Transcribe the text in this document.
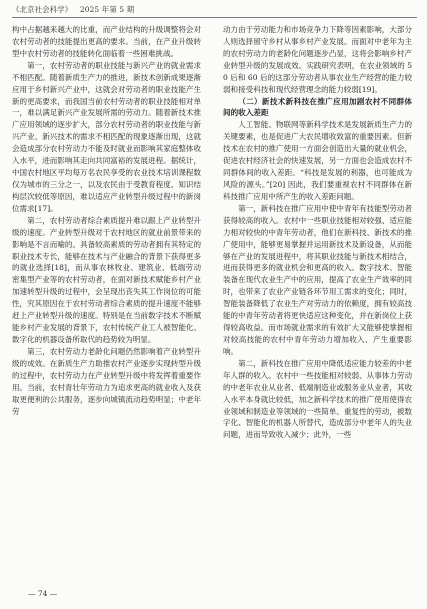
《北京社会科学》  2025 年第 5 期

构中占据越来越大的比重，而产业结构的升级调整将会对农村劳动者的技能提出更高的要求。当前，在产业升级转型中农村劳动者的技能转化面临着一些困难挑战。

第一，农村劳动者的职业技能与新兴产业的就业需求不相匹配。随着新质生产力的推进，新技术创新成果逐渐应用于乡村新兴产业中，这就会对劳动者的职业技能产生新的更高要求，而我国当前农村劳动者的职业技能相对单一，难以满足新兴产业发展所需的劳动力。随着新技术推广应用领域的逐步扩大，部分农村劳动者的职业技能与新兴产业、新兴技术的需求不相匹配的现象逐渐出现，这就会造成部分农村劳动力不能及时就业而影响其家庭整体收入水平，进而影响其走向共同富裕的发展进程。据统计，中国农村地区平均每万名农民享受的农业技术培训课程数仅为城市的三分之一，以及农民由于受教育程度、知识结构层次较低等原因，难以适应产业转型升级过程中的新岗位需求[17]。

第二，农村劳动者综合素质提升难以跟上产业转型升级的速度。产业转型升级对于农村地区的就业前景带来的影响是不言而喻的。具备较高素质的劳动者拥有其特定的职业技术专长，能够在技术与产业融合的背景下获得更多的就业选择[18]，而从事农林牧业、建筑业、低端劳动密集型产业等的农村劳动者，在面对新技术赋能乡村产业加速转型升级的过程中，会呈现出丧失其工作岗位的可能性，究其原因在于农村劳动者综合素质的提升速度不能够赶上产业转型升级的速度。特别是在当前数字技术不断赋能乡村产业发展的背景下，农村传统产业工人被智能化、数字化的机器设备所取代的趋势较为明显。

第三，农村劳动力老龄化问题仍然影响着产业转型升级的成效。在新质生产力助推农村产业逐步实现转型升级的过程中，农村劳动力在产业转型升级中将发挥着重要作用。当前，农村青壮年劳动力为追求更高的就业收入及获取更便利的公共服务，逐步向城镇流动趋势明显；中老年劳

动力由于劳动能力和市场竞争力下降等因素影响，大部分人则选择留守乡村从事乡村产业发展。而面对中老年为主的农村劳动力的老龄化问题逐步凸显，这将会影响乡村产业转型升级的发展成效。实践研究表明，在农业领域的 50 后和 60 后的这部分劳动者从事农业生产经营的能力较弱和接受科技和现代经营理念的能力较弱[19]。

（二）新技术新科技在推广应用加剧农村不同群体间的收入差距

人工智能、物联网等新科学技术是发展新质生产力的关键要素，也是促进广大农民增收致富的重要因素。但新技术在农村的推广使用一方面会创造出大量的就业机会，促进农村经济社会的快速发展，另一方面也会造成农村不同群体间的收入差距。“科技是发展的利器，也可能成为风险的源头。”[20] 因此，我们要重视农村不同群体在新科技推广应用中所产生的收入差距问题。

第一，新科技在推广应用中使中青年有技能型劳动者获得较高的收入。农村中一些职业技能相对较强、适应能力相对较快的中青年劳动者，他们在新科技、新技术的推广使用中，能够更易掌握并运用新技术及新设备，从而能够在产业的发展进程中，将其职业技能与新技术相结合，进而获得更多的就业机会和更高的收入。数字技术、智能装备在现代农业生产中的应用，提高了农业生产效率的同时，也带来了农业产业链各环节用工需求的变化；同时，智能装备降低了农业生产对劳动力的依赖度，拥有较高技能的中青年劳动者将更快适应这种变化，并在新岗位上获得较高收益。而市场就业需求的有效扩大又能够使掌握相对较高技能的农村中青年劳动力增加收入、产生重要影响。

第二，新科技在推广应用中降低适应能力较差的中老年人群的收入。农村中一些技能相对较弱、从事体力劳动的中老年农业从业者、低端制造业或服务业从业者，其收入水平本身就比较低，加之新科学技术的推广使用使得农业领域和制造业等领域的一些简单、重复性的劳动，被数字化、智能化的机器人所替代，造成部分中老年人的失业问题，进而导致收入减少；此外，一些

— 74 —
